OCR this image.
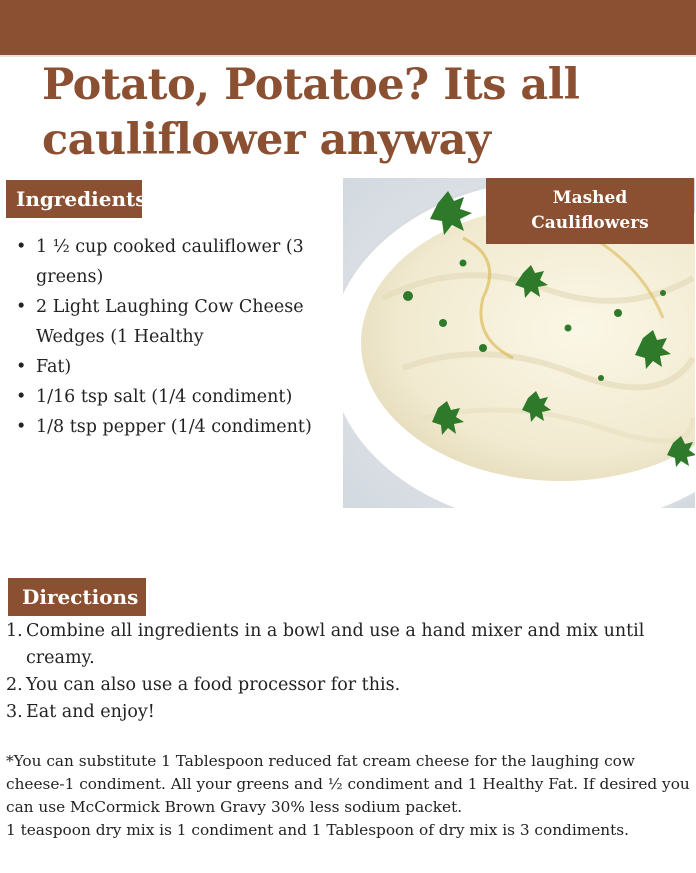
Potato, Potatoe? Its all
cauliflower anyway
Ingredients
• 1 ½ cup cooked cauliflower (3 greens)
• 2 Light Laughing Cow Cheese Wedges (1 Healthy
• Fat)
• 1/16 tsp salt (1/4 condiment)
• 1/8 tsp pepper (1/4 condiment)
Mashed
Cauliflowers
Directions
1. Combine all ingredients in a bowl and use a hand mixer and mix until creamy.
2. You can also use a food processor for this.
3. Eat and enjoy!

*You can substitute 1 Tablespoon reduced fat cream cheese for the laughing cow
cheese-1 condiment. All your greens and ½ condiment and 1 Healthy Fat. If desired you
can use McCormick Brown Gravy 30% less sodium packet.
1 teaspoon dry mix is 1 condiment and 1 Tablespoon of dry mix is 3 condiments.
